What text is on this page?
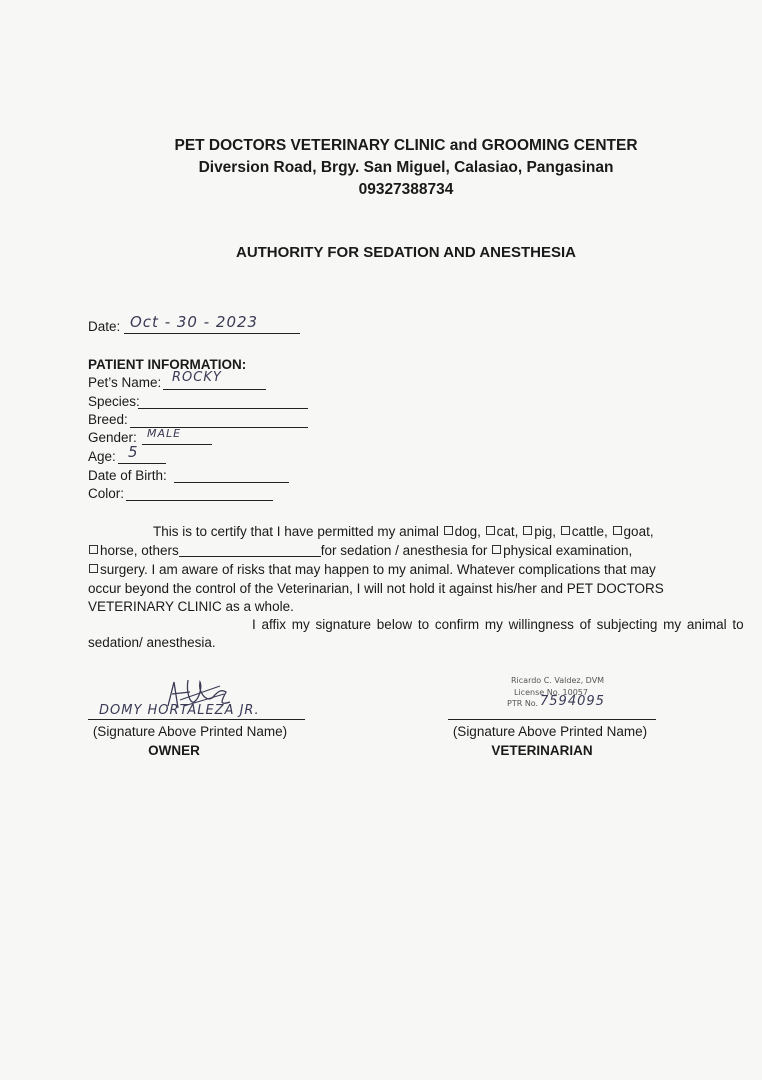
PET DOCTORS VETERINARY CLINIC and GROOMING CENTER
Diversion Road, Brgy. San Miguel, Calasiao, Pangasinan
09327388734
AUTHORITY FOR SEDATION AND ANESTHESIA
Date: Oct - 30 - 2023
PATIENT INFORMATION:
Pet’s Name: ROCKY
Species:
Breed:
Gender: MALE
Age: 5
Date of Birth:
Color:
This is to certify that I have permitted my animal dog, cat, pig, cattle, goat,
horse, others	for sedation / anesthesia for physical examination,
surgery. I am aware of risks that may happen to my animal. Whatever complications that may
occur beyond the control of the Veterinarian, I will not hold it against his/her and PET DOCTORS
VETERINARY CLINIC as a whole.
I affix my signature below to confirm my willingness of subjecting my animal to
sedation/ anesthesia.
DOMY HORTALEZA JR.
(Signature Above Printed Name)
OWNER
Ricardo C. Valdez, DVM
License No. 10057
PTR No. 7594095
(Signature Above Printed Name)
VETERINARIAN
